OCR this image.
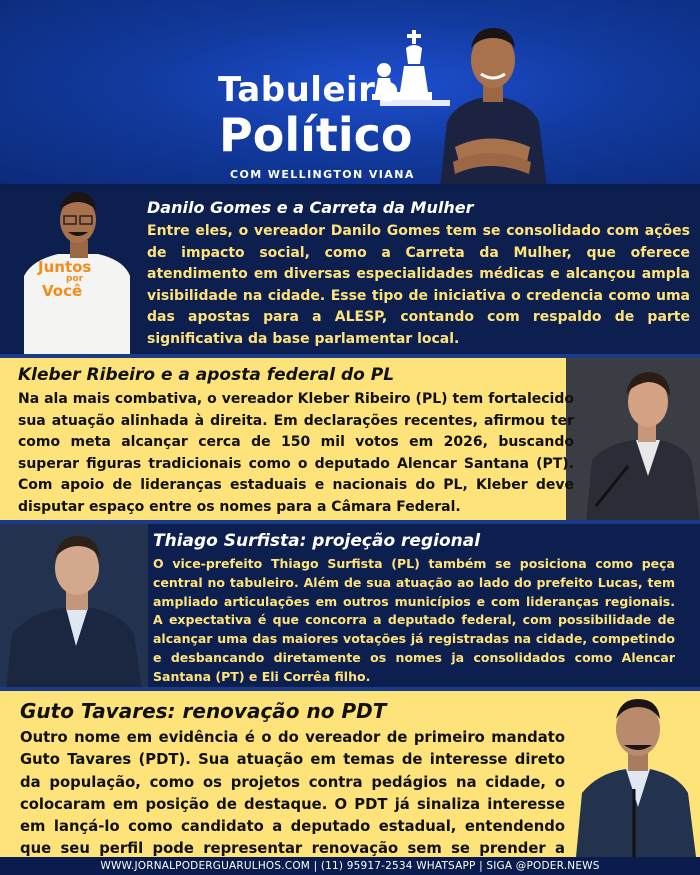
Tabuleiro
Político
COM WELLINGTON VIANA
Juntos
por
Você
Danilo Gomes e a Carreta da Mulher
Entre eles, o vereador Danilo Gomes tem se consolidado com ações de impacto social, como a Carreta da Mulher, que oferece atendimento em diversas especialidades médicas e alcançou ampla visibilidade na cidade. Esse tipo de iniciativa o credencia como uma das apostas para a ALESP, contando com respaldo de parte significativa da base parlamentar local.
Kleber Ribeiro e a aposta federal do PL
Na ala mais combativa, o vereador Kleber Ribeiro (PL) tem fortalecido sua atuação alinhada à direita. Em declarações recentes, afirmou ter como meta alcançar cerca de 150 mil votos em 2026, buscando superar figuras tradicionais como o deputado Alencar Santana (PT). Com apoio de lideranças estaduais e nacionais do PL, Kleber deve disputar espaço entre os nomes para a Câmara Federal.
Thiago Surfista: projeção regional
O vice-prefeito Thiago Surfista (PL) também se posiciona como peça central no tabuleiro. Além de sua atuação ao lado do prefeito Lucas, tem ampliado articulações em outros municípios e com lideranças regionais. A expectativa é que concorra a deputado federal, com possibilidade de alcançar uma das maiores votações já registradas na cidade, competindo e desbancando diretamente os nomes ja consolidados como Alencar Santana (PT) e Eli Corrêa filho.
Guto Tavares: renovação no PDT
Outro nome em evidência é o do vereador de primeiro mandato Guto Tavares (PDT). Sua atuação em temas de interesse direto da população, como os projetos contra pedágios na cidade, o colocaram em posição de destaque. O PDT já sinaliza interesse em lançá-lo como candidato a deputado estadual, entendendo que seu perfil pode representar renovação sem se prender a
WWW.JORNALPODERGUARULHOS.COM | (11) 95917-2534 WHATSAPP | SIGA @PODER.NEWS
